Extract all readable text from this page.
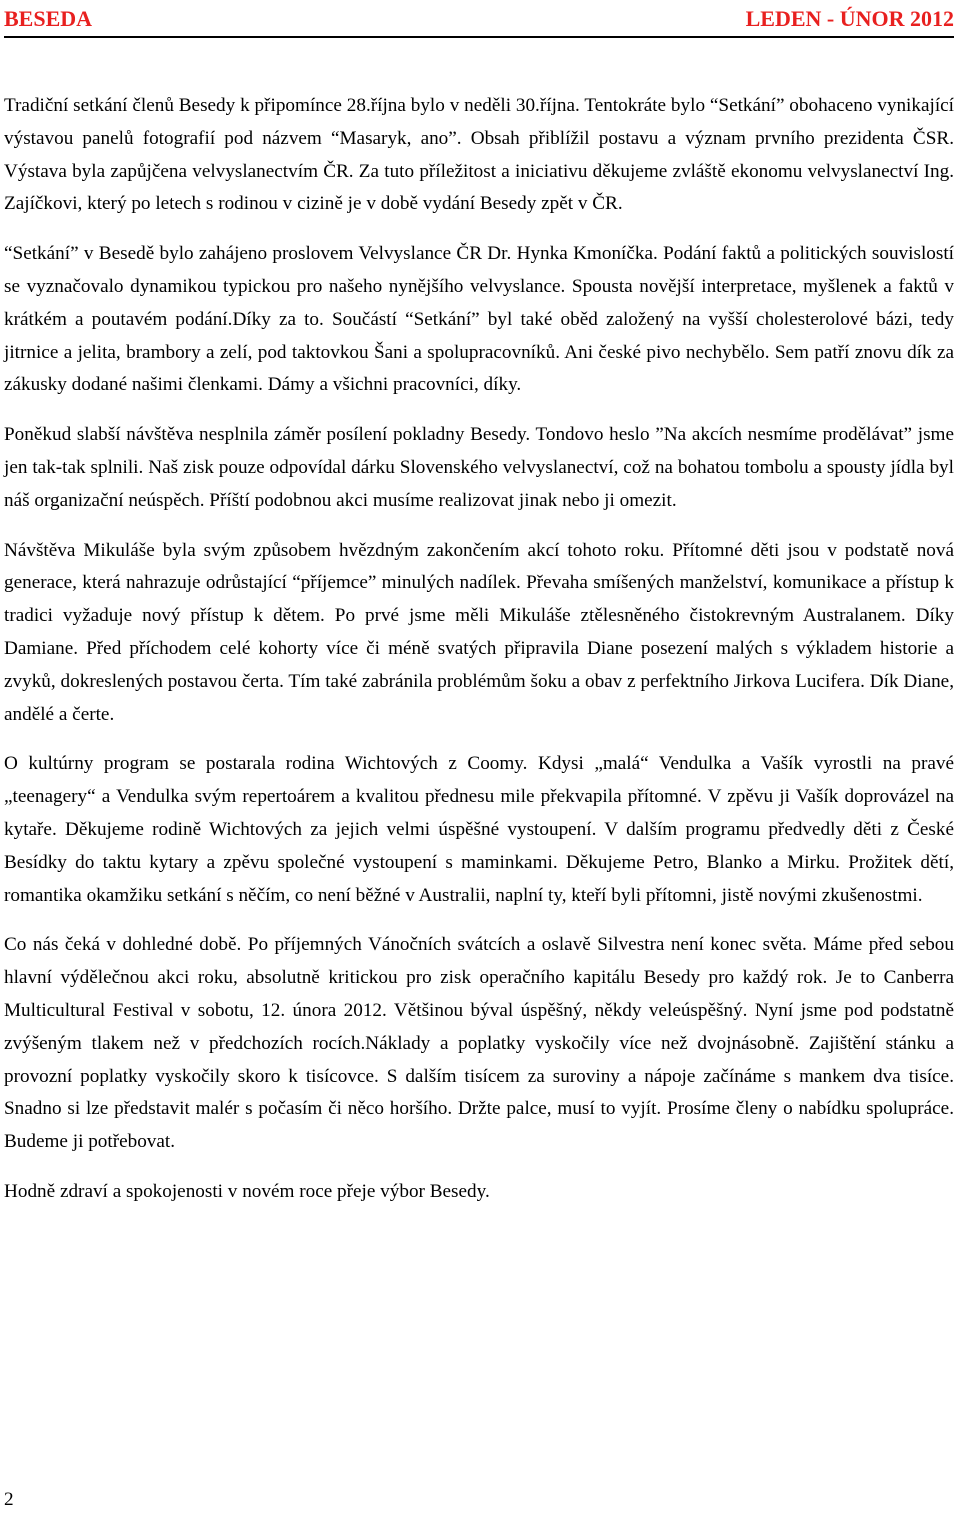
BESEDA	LEDEN - ÚNOR 2012

Tradiční setkání členů Besedy k připomínce 28.října bylo v neděli 30.října. Tentokráte bylo “Setkání” obohaceno vynikající výstavou panelů fotografií pod názvem “Masaryk, ano”. Obsah přiblížil postavu a význam prvního prezidenta ČSR. Výstava byla zapůjčena velvyslanectvím ČR. Za tuto příležitost a iniciativu děkujeme zvláště ekonomu velvyslanectví Ing. Zajíčkovi, který po letech s rodinou v cizině je v době vydání Besedy zpět v ČR.

“Setkání” v Besedě bylo zahájeno proslovem Velvyslance ČR Dr. Hynka Kmoníčka. Podání faktů a politických souvislostí se vyznačovalo dynamikou typickou pro našeho nynějšího velvyslance. Spousta novější interpretace, myšlenek a faktů v krátkém a poutavém podání.Díky za to. Součástí “Setkání” byl také oběd založený na vyšší cholesterolové bázi, tedy jitrnice a jelita, brambory a zelí, pod taktovkou Šani a spolupracovníků. Ani české pivo nechybělo. Sem patří znovu dík za zákusky dodané našimi členkami. Dámy a všichni pracovníci, díky.

Poněkud slabší návštěva nesplnila záměr posílení pokladny Besedy. Tondovo heslo ”Na akcích nesmíme prodělávat” jsme jen tak-tak splnili. Naš zisk pouze odpovídal dárku Slovenského velvyslanectví, což na bohatou tombolu a spousty jídla byl náš organizační neúspěch. Příští podobnou akci musíme realizovat jinak nebo ji omezit.

Návštěva Mikuláše byla svým způsobem hvězdným zakončením akcí tohoto roku. Přítomné děti jsou v podstatě nová generace, která nahrazuje odrůstající “příjemce” minulých nadílek. Převaha smíšených manželství, komunikace a přístup k tradici vyžaduje nový přístup k dětem. Po prvé jsme měli Mikuláše ztělesněného čistokrevným Australanem. Díky Damiane. Před příchodem celé kohorty více či méně svatých připravila Diane posezení malých s výkladem historie a zvyků, dokreslených postavou čerta. Tím také zabránila problémům šoku a obav z perfektního Jirkova Lucifera. Dík Diane, andělé a čerte.

O kultúrny program se postarala rodina Wichtových z Coomy. Kdysi „malá“ Vendulka a Vašík vyrostli na pravé „teenagery“ a Vendulka svým repertoárem a kvalitou přednesu mile překvapila přítomné. V zpěvu ji Vašík doprovázel na kytaře. Děkujeme rodině Wichtových za jejich velmi úspěšné vystoupení. V dalším programu předvedly děti z České Besídky do taktu kytary a zpěvu společné vystoupení s maminkami. Děkujeme Petro, Blanko a Mirku. Prožitek dětí, romantika okamžiku setkání s něčím, co není běžné v Australii, naplní ty, kteří byli přítomni, jistě novými zkušenostmi.

Co nás čeká v dohledné době. Po příjemných Vánočních svátcích a oslavě Silvestra není konec světa. Máme před sebou hlavní výdělečnou akci roku, absolutně kritickou pro zisk operačního kapitálu Besedy pro každý rok. Je to Canberra Multicultural Festival v sobotu, 12. února 2012. Většinou býval úspěšný, někdy veleúspěšný. Nyní jsme pod podstatně zvýšeným tlakem než v předchozích rocích.Náklady a poplatky vyskočily více než dvojnásobně. Zajištění stánku a provozní poplatky vyskočily skoro k tisícovce. S dalším tisícem za suroviny a nápoje začínáme s mankem dva tisíce. Snadno si lze představit malér s počasím či něco horšího. Držte palce, musí to vyjít. Prosíme členy o nabídku spolupráce. Budeme ji potřebovat.

Hodně zdraví a spokojenosti v novém roce přeje výbor Besedy.

2
